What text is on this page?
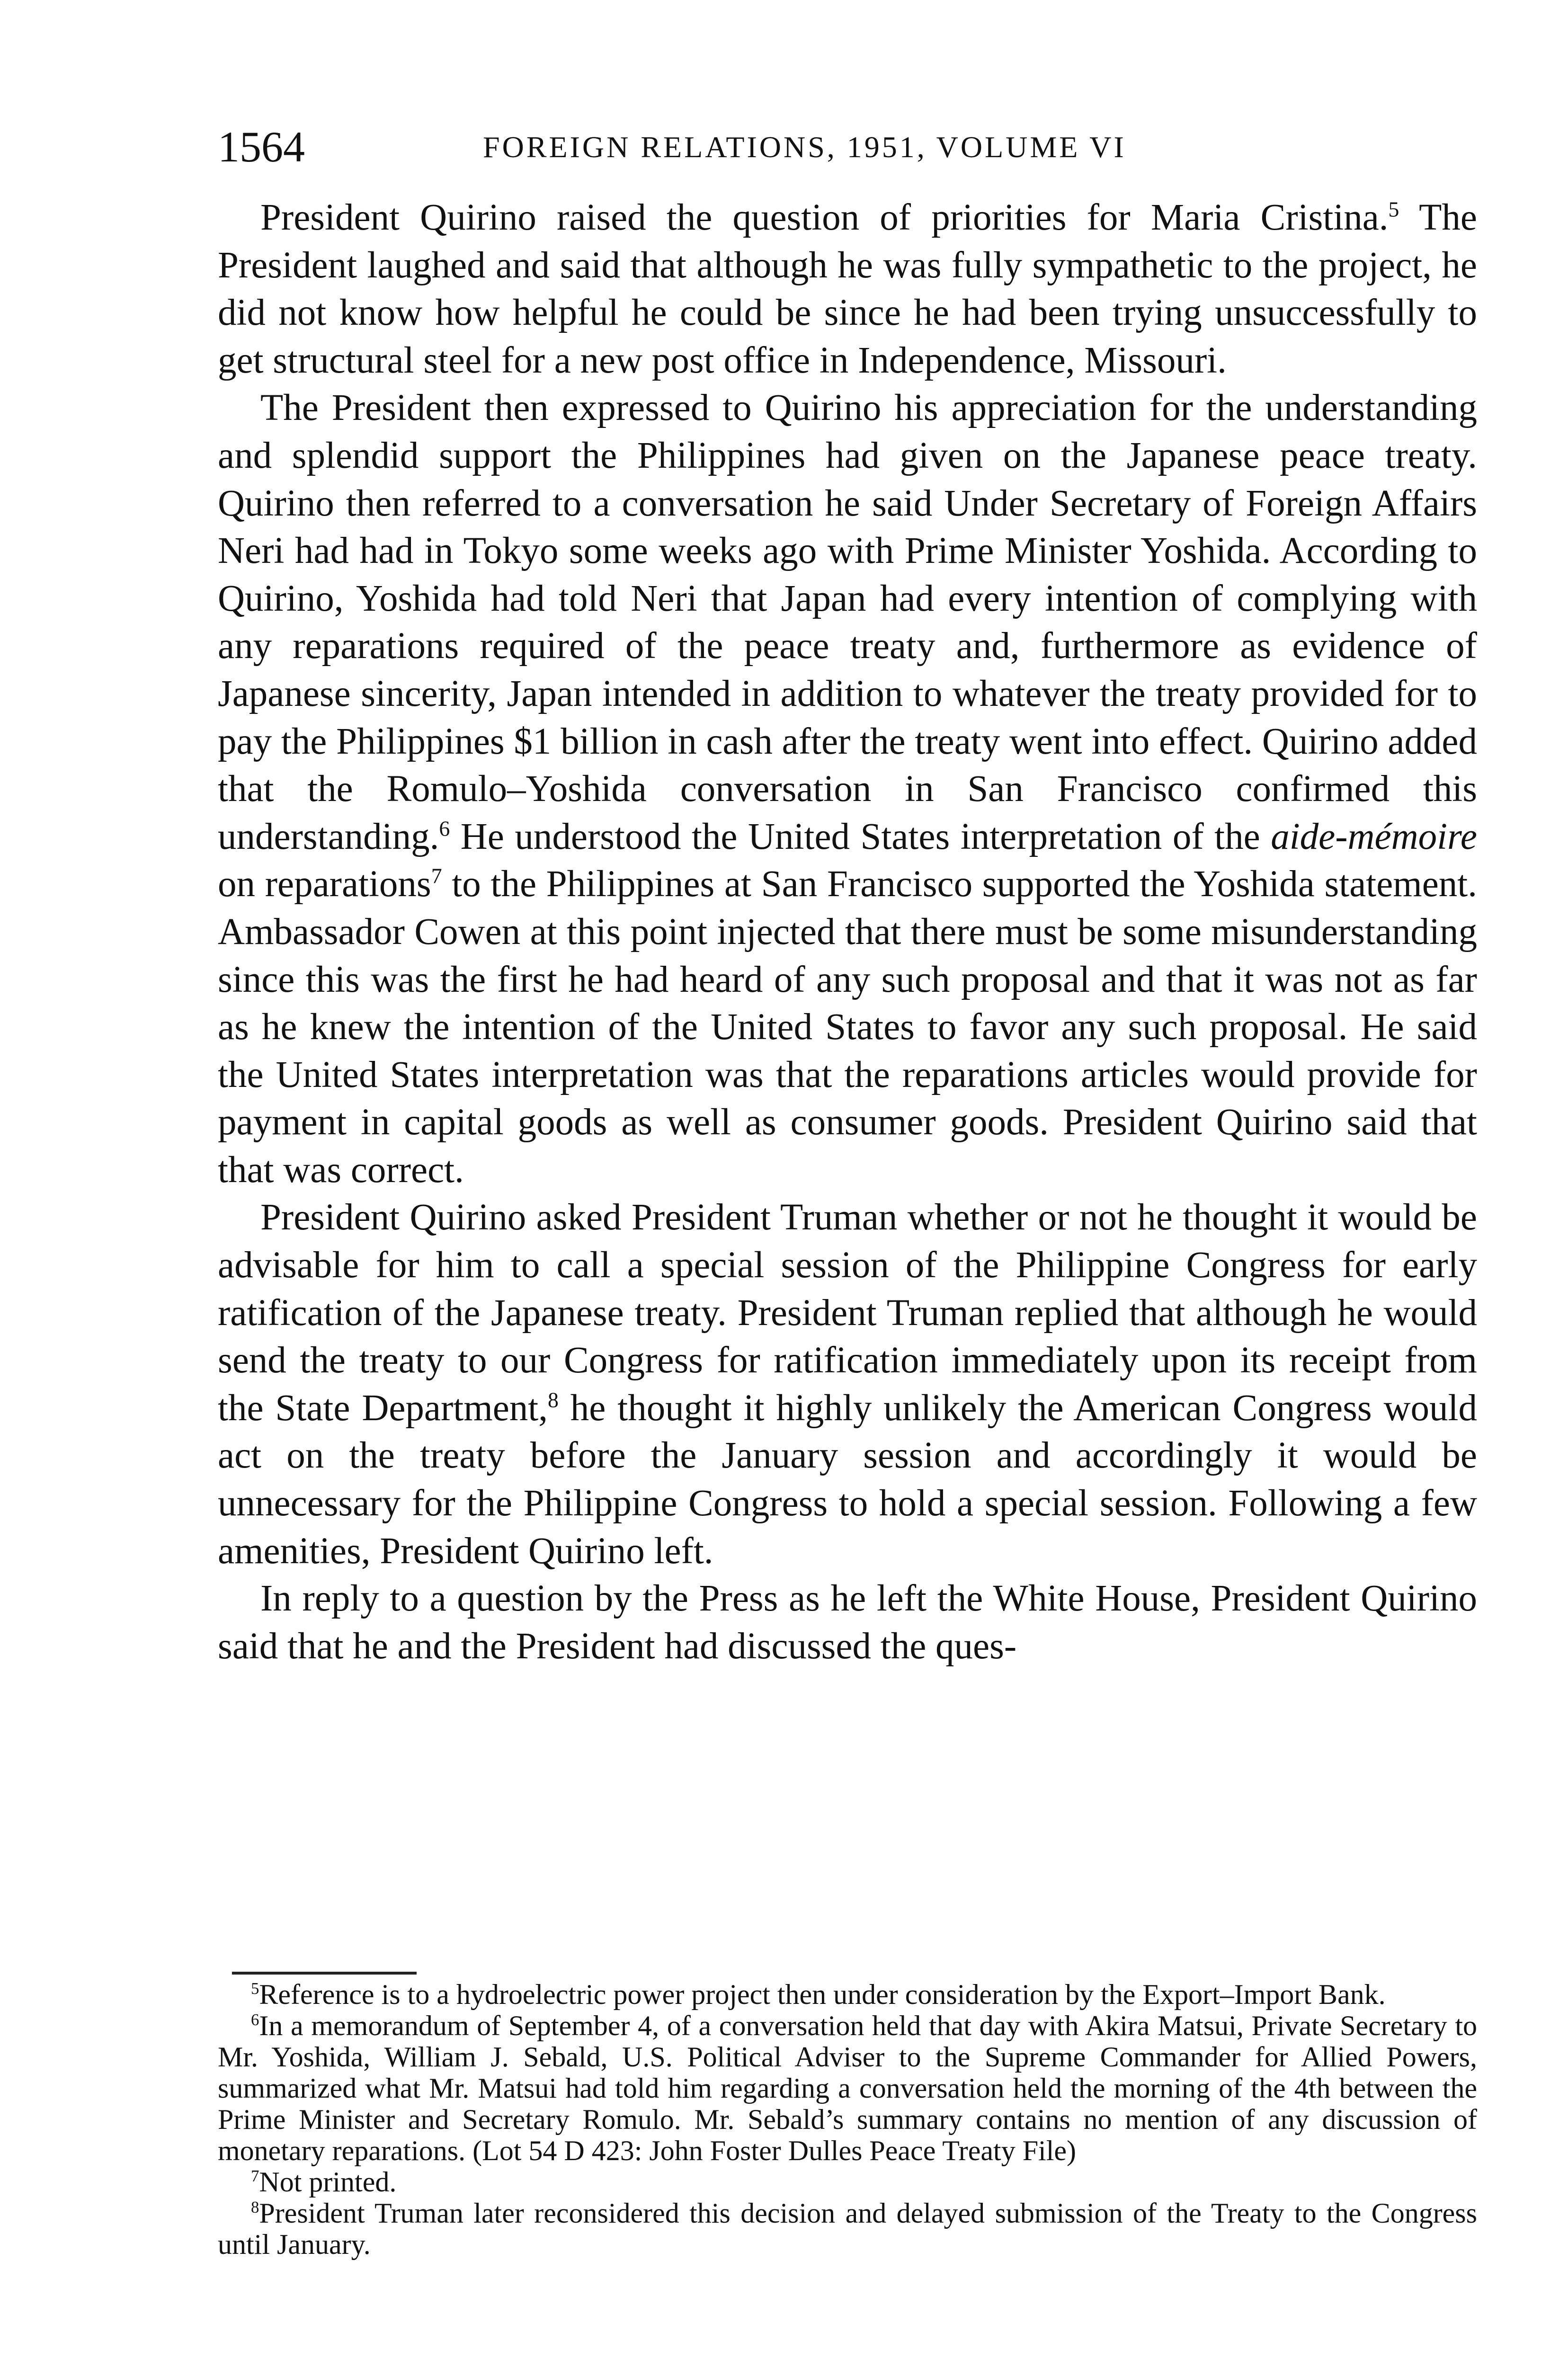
1564	FOREIGN RELATIONS, 1951, VOLUME VI

President Quirino raised the question of priorities for Maria Cristina.$^5$ The President laughed and said that although he was fully sympathetic to the project, he did not know how helpful he could be since he had been trying unsuccessfully to get structural steel for a new post office in Independence, Missouri.

The President then expressed to Quirino his appreciation for the understanding and splendid support the Philippines had given on the Japanese peace treaty. Quirino then referred to a conversation he said Under Secretary of Foreign Affairs Neri had had in Tokyo some weeks ago with Prime Minister Yoshida. According to Quirino, Yoshida had told Neri that Japan had every intention of complying with any reparations required of the peace treaty and, furthermore as evidence of Japanese sincerity, Japan intended in addition to whatever the treaty provided for to pay the Philippines $1 billion in cash after the treaty went into effect. Quirino added that the Romulo–Yoshida conversation in San Francisco confirmed this understanding.$^6$ He understood the United States interpretation of the aide-mémoire on reparations$^7$ to the Philippines at San Francisco supported the Yoshida statement. Ambassador Cowen at this point injected that there must be some misunderstanding since this was the first he had heard of any such proposal and that it was not as far as he knew the intention of the United States to favor any such proposal. He said the United States interpretation was that the reparations articles would provide for payment in capital goods as well as consumer goods. President Quirino said that that was correct.

President Quirino asked President Truman whether or not he thought it would be advisable for him to call a special session of the Philippine Congress for early ratification of the Japanese treaty. President Truman replied that although he would send the treaty to our Congress for ratification immediately upon its receipt from the State Department,$^8$ he thought it highly unlikely the American Congress would act on the treaty before the January session and accordingly it would be unnecessary for the Philippine Congress to hold a special session. Following a few amenities, President Quirino left.

In reply to a question by the Press as he left the White House, President Quirino said that he and the President had discussed the ques-

$^5$Reference is to a hydroelectric power project then under consideration by the Export–Import Bank.

$^6$In a memorandum of September 4, of a conversation held that day with Akira Matsui, Private Secretary to Mr. Yoshida, William J. Sebald, U.S. Political Adviser to the Supreme Commander for Allied Powers, summarized what Mr. Matsui had told him regarding a conversation held the morning of the 4th between the Prime Minister and Secretary Romulo. Mr. Sebald’s summary contains no mention of any discussion of monetary reparations. (Lot 54 D 423: John Foster Dulles Peace Treaty File)

$^7$Not printed.

$^8$President Truman later reconsidered this decision and delayed submission of the Treaty to the Congress until January.
